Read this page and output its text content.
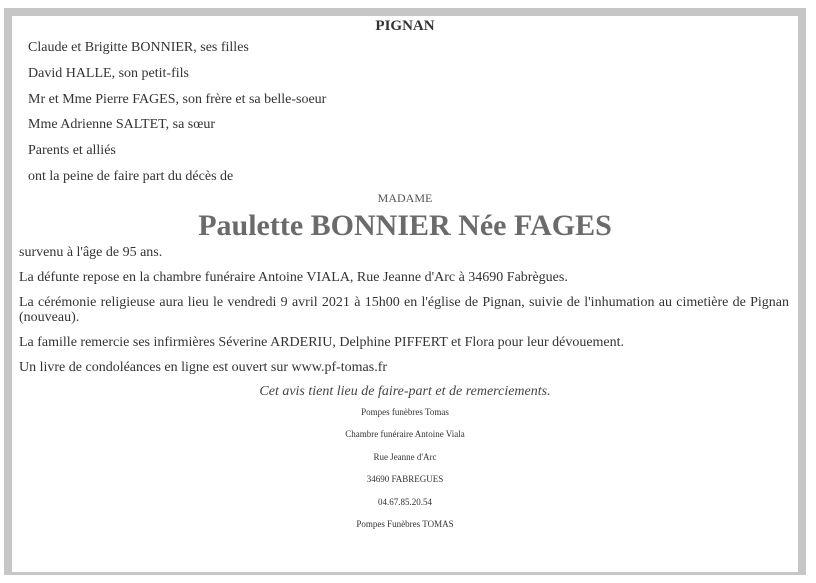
PIGNAN
Claude et Brigitte BONNIER, ses filles
David HALLE, son petit-fils
Mr et Mme Pierre FAGES, son frère et sa belle-soeur
Mme Adrienne SALTET, sa sœur
Parents et alliés
ont la peine de faire part du décès de
MADAME
Paulette BONNIER Née FAGES
survenu à l'âge de 95 ans.
La défunte repose en la chambre funéraire Antoine VIALA, Rue Jeanne d'Arc à 34690 Fabrègues.
La cérémonie religieuse aura lieu le vendredi 9 avril 2021 à 15h00 en l'église de Pignan, suivie de l'inhumation au cimetière de Pignan (nouveau).
La famille remercie ses infirmières Séverine ARDERIU, Delphine PIFFERT et Flora pour leur dévouement.
Un livre de condoléances en ligne est ouvert sur www.pf-tomas.fr
Cet avis tient lieu de faire-part et de remerciements.
Pompes funèbres Tomas
Chambre funéraire Antoine Viala
Rue Jeanne d'Arc
34690 FABREGUES
04.67.85.20.54
Pompes Funèbres TOMAS
